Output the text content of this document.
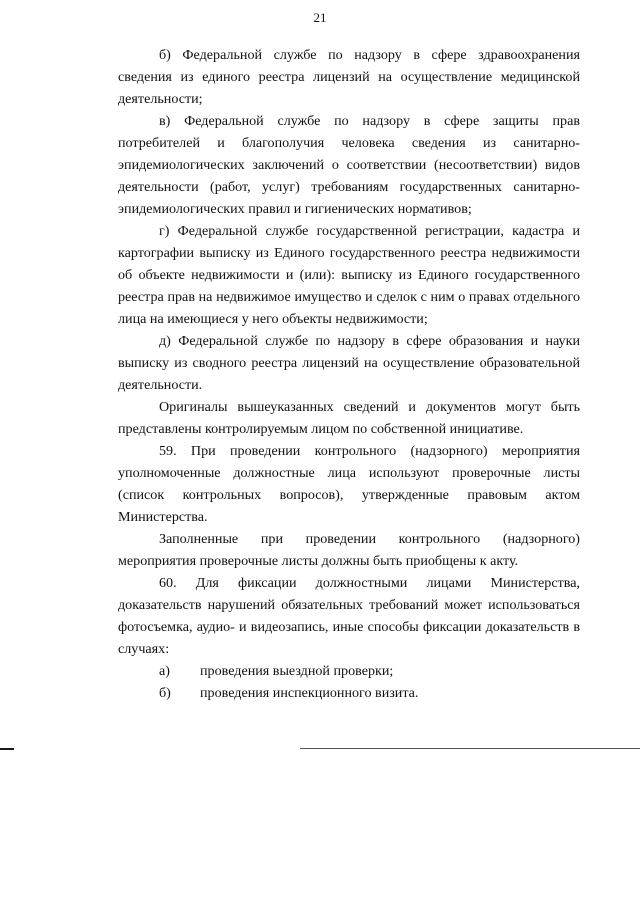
21

б) Федеральной службе по надзору в сфере здравоохранения сведения из единого реестра лицензий на осуществление медицинской деятельности;

в) Федеральной службе по надзору в сфере защиты прав потребителей и благополучия человека сведения из санитарно-эпидемиологических заключений о соответствии (несоответствии) видов деятельности (работ, услуг) требованиям государственных санитарно-эпидемиологических правил и гигиенических нормативов;

г) Федеральной службе государственной регистрации, кадастра и картографии выписку из Единого государственного реестра недвижимости об объекте недвижимости и (или): выписку из Единого государственного реестра прав на недвижимое имущество и сделок с ним о правах отдельного лица на имеющиеся у него объекты недвижимости;

д) Федеральной службе по надзору в сфере образования и науки выписку из сводного реестра лицензий на осуществление образовательной деятельности.

Оригиналы вышеуказанных сведений и документов могут быть представлены контролируемым лицом по собственной инициативе.

59. При проведении контрольного (надзорного) мероприятия уполномоченные должностные лица используют проверочные листы (список контрольных вопросов), утвержденные правовым актом Министерства.

Заполненные при проведении контрольного (надзорного) мероприятия проверочные листы должны быть приобщены к акту.

60. Для фиксации должностными лицами Министерства, доказательств нарушений обязательных требований может использоваться фотосъемка, аудио- и видеозапись, иные способы фиксации доказательств в случаях:

а)	проведения выездной проверки;
б)	проведения инспекционного визита.
